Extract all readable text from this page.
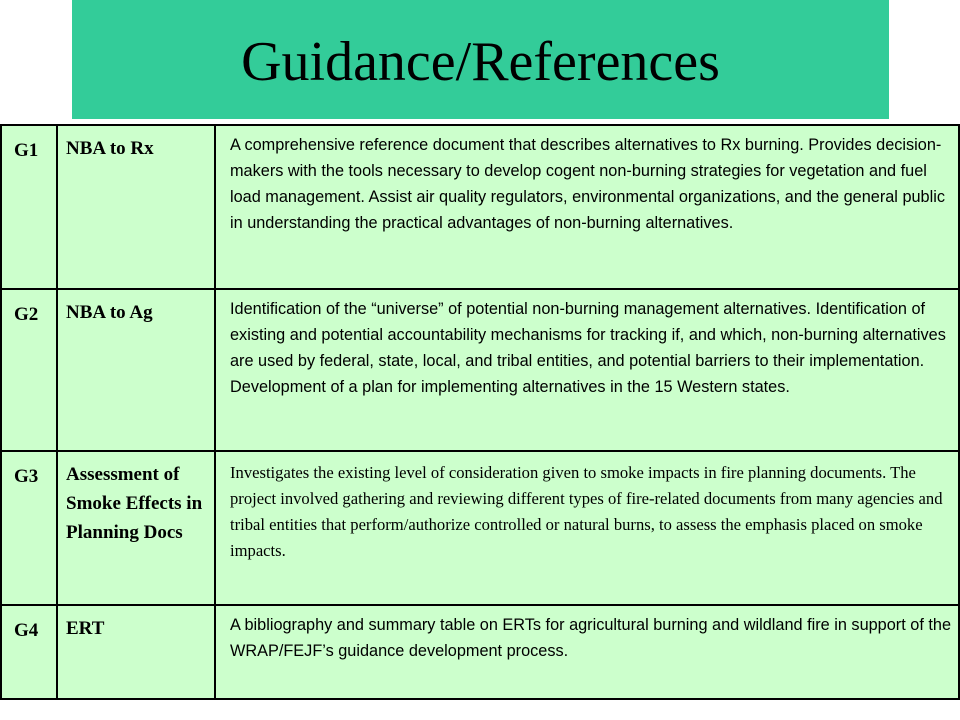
Guidance/References
G1	NBA to Rx	A comprehensive reference document that describes alternatives to Rx burning. Provides decision-makers with the tools necessary to develop cogent non-burning strategies for vegetation and fuel load management. Assist air quality regulators, environmental organizations, and the general public in understanding the practical advantages of non-burning alternatives.

G2	NBA to Ag	Identification of the “universe” of potential non-burning management alternatives. Identification of existing and potential accountability mechanisms for tracking if, and which, non-burning alternatives are used by federal, state, local, and tribal entities, and potential barriers to their implementation. Development of a plan for implementing alternatives in the 15 Western states.

G3	Assessment of Smoke Effects in Planning Docs	Investigates the existing level of consideration given to smoke impacts in fire planning documents. The project involved gathering and reviewing different types of fire-related documents from many agencies and tribal entities that perform/authorize controlled or natural burns, to assess the emphasis placed on smoke impacts.

G4	ERT	A bibliography and summary table on ERTs for agricultural burning and wildland fire in support of the WRAP/FEJF’s guidance development process.
